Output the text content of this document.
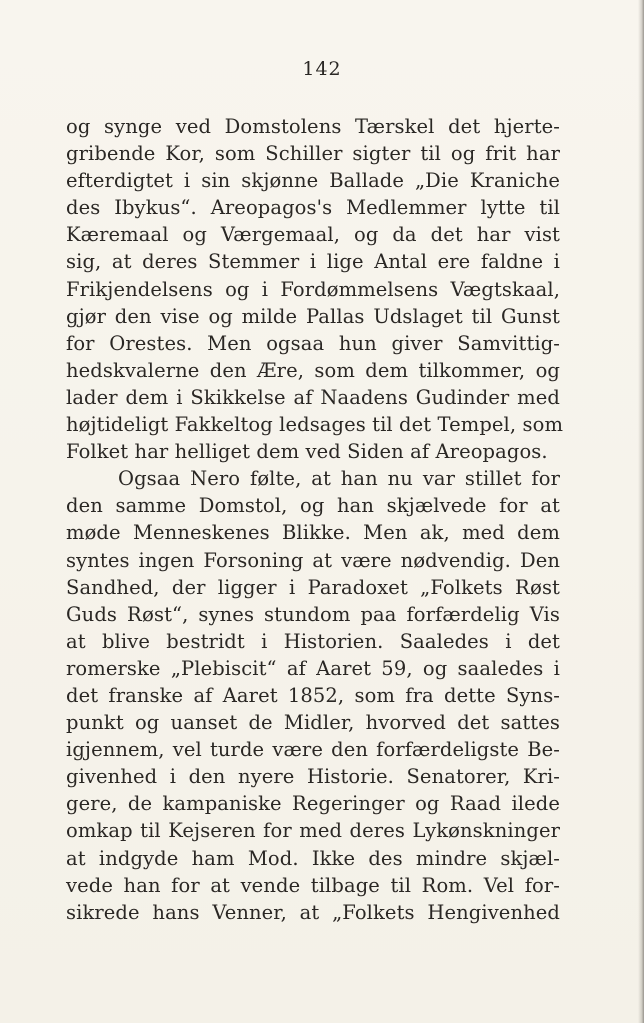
142
og synge ved Domstolens Tærskel det hjerte-
gribende Kor, som Schiller sigter til og frit har
efterdigtet i sin skjønne Ballade „Die Kraniche
des Ibykus“. Areopagos's Medlemmer lytte til
Kæremaal og Værgemaal, og da det har vist
sig, at deres Stemmer i lige Antal ere faldne i
Frikjendelsens og i Fordømmelsens Vægtskaal,
gjør den vise og milde Pallas Udslaget til Gunst
for Orestes. Men ogsaa hun giver Samvittig-
hedskvalerne den Ære, som dem tilkommer, og
lader dem i Skikkelse af Naadens Gudinder med
højtideligt Fakkeltog ledsages til det Tempel, som
Folket har helliget dem ved Siden af Areopagos.
Ogsaa Nero følte, at han nu var stillet for
den samme Domstol, og han skjælvede for at
møde Menneskenes Blikke. Men ak, med dem
syntes ingen Forsoning at være nødvendig. Den
Sandhed, der ligger i Paradoxet „Folkets Røst
Guds Røst“, synes stundom paa forfærdelig Vis
at blive bestridt i Historien. Saaledes i det
romerske „Plebiscit“ af Aaret 59, og saaledes i
det franske af Aaret 1852, som fra dette Syns-
punkt og uanset de Midler, hvorved det sattes
igjennem, vel turde være den forfærdeligste Be-
givenhed i den nyere Historie. Senatorer, Kri-
gere, de kampaniske Regeringer og Raad ilede
omkap til Kejseren for med deres Lykønskninger
at indgyde ham Mod. Ikke des mindre skjæl-
vede han for at vende tilbage til Rom. Vel for-
sikrede hans Venner, at „Folkets Hengivenhed
